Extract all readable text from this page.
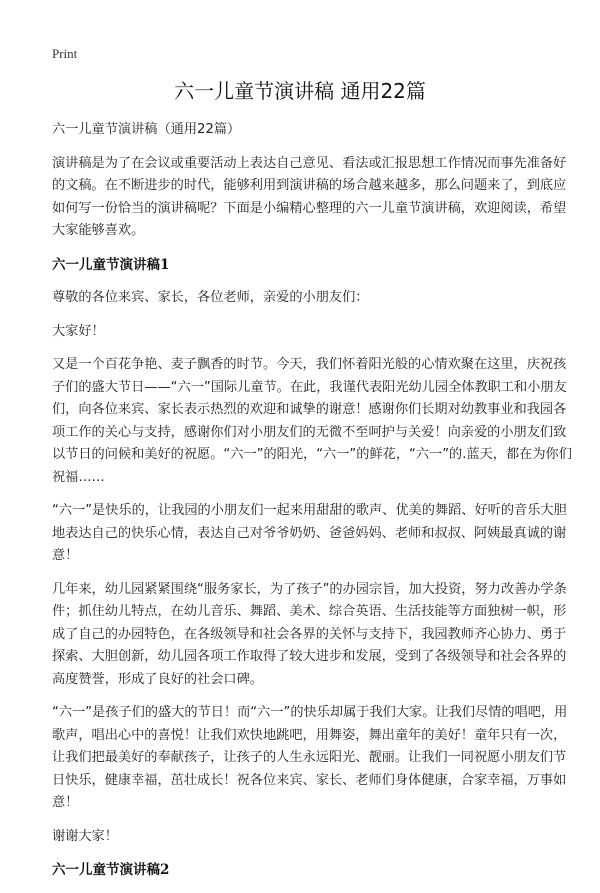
Print
六一儿童节演讲稿 通用22篇

六一儿童节演讲稿（通用22篇）

演讲稿是为了在会议或重要活动上表达自己意见、看法或汇报思想工作情况而事先准备好的文稿。在不断进步的时代，能够利用到演讲稿的场合越来越多，那么问题来了，到底应如何写一份恰当的演讲稿呢？下面是小编精心整理的六一儿童节演讲稿，欢迎阅读，希望大家能够喜欢。

六一儿童节演讲稿1

尊敬的各位来宾、家长，各位老师，亲爱的小朋友们：

大家好！

又是一个百花争艳、麦子飘香的时节。今天，我们怀着阳光般的心情欢聚在这里，庆祝孩子们的盛大节日——“六一”国际儿童节。在此，我谨代表阳光幼儿园全体教职工和小朋友们，向各位来宾、家长表示热烈的欢迎和诚挚的谢意！感谢你们长期对幼教事业和我园各项工作的关心与支持，感谢你们对小朋友们的无微不至呵护与关爱！向亲爱的小朋友们致以节日的问候和美好的祝愿。“六一”的阳光，“六一”的鲜花，“六一”的.蓝天，都在为你们祝福……

“六一”是快乐的，让我园的小朋友们一起来用甜甜的歌声、优美的舞蹈、好听的音乐大胆地表达自己的快乐心情，表达自己对爷爷奶奶、爸爸妈妈、老师和叔叔、阿姨最真诚的谢意！

几年来，幼儿园紧紧围绕“服务家长，为了孩子”的办园宗旨，加大投资，努力改善办学条件；抓住幼儿特点，在幼儿音乐、舞蹈、美术、综合英语、生活技能等方面独树一帜，形成了自己的办园特色，在各级领导和社会各界的关怀与支持下，我园教师齐心协力、勇于探索、大胆创新，幼儿园各项工作取得了较大进步和发展，受到了各级领导和社会各界的高度赞誉，形成了良好的社会口碑。

“六一”是孩子们的盛大的节日！而“六一”的快乐却属于我们大家。让我们尽情的唱吧，用歌声，唱出心中的喜悦！让我们欢快地跳吧，用舞姿，舞出童年的美好！童年只有一次，让我们把最美好的奉献孩子，让孩子的人生永远阳光、靓丽。让我们一同祝愿小朋友们节日快乐，健康幸福，茁壮成长！祝各位来宾、家长、老师们身体健康，合家幸福，万事如意！

谢谢大家！

六一儿童节演讲稿2
